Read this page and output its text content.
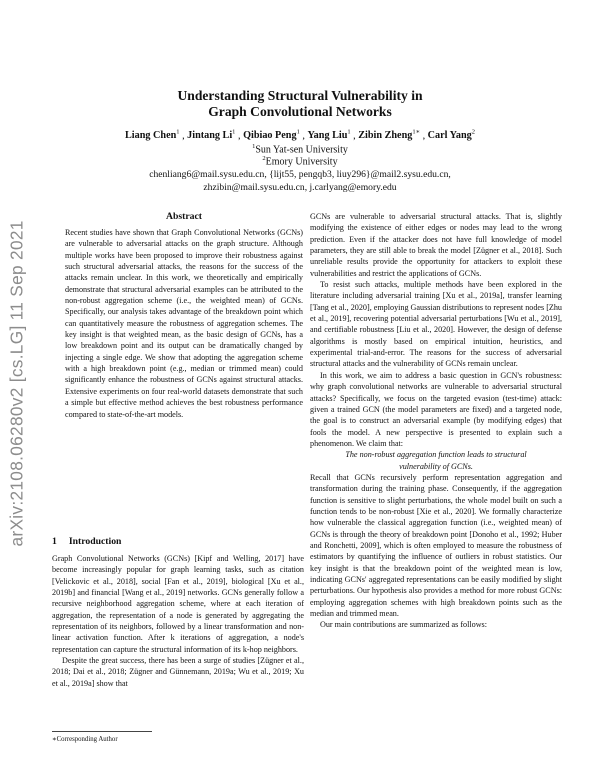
Understanding Structural Vulnerability in
Graph Convolutional Networks
Liang Chen$^1$ , Jintang Li$^1$ , Qibiao Peng$^1$ , Yang Liu$^1$ , Zibin Zheng$^{1∗}$ , Carl Yang$^2$
$^1$Sun Yat-sen University
$^2$Emory University
chenliang6@mail.sysu.edu.cn, {lijt55, pengqb3, liuy296}@mail2.sysu.edu.cn,
zhzibin@mail.sysu.edu.cn, j.carlyang@emory.edu
arXiv:2108.06280v2 [cs.LG] 11 Sep 2021
Abstract

Recent studies have shown that Graph Convolutional Networks (GCNs) are vulnerable to adversarial attacks on the graph structure. Although multiple works have been proposed to improve their robustness against such structural adversarial attacks, the reasons for the success of the attacks remain unclear. In this work, we theoretically and empirically demonstrate that structural adversarial examples can be attributed to the non-robust aggregation scheme (i.e., the weighted mean) of GCNs. Specifically, our analysis takes advantage of the breakdown point which can quantitatively measure the robustness of aggregation schemes. The key insight is that weighted mean, as the basic design of GCNs, has a low breakdown point and its output can be dramatically changed by injecting a single edge. We show that adopting the aggregation scheme with a high breakdown point (e.g., median or trimmed mean) could significantly enhance the robustness of GCNs against structural attacks. Extensive experiments on four real-world datasets demonstrate that such a simple but effective method achieves the best robustness performance compared to state-of-the-art models.

1 Introduction

Graph Convolutional Networks (GCNs) [Kipf and Welling, 2017] have become increasingly popular for graph learning tasks, such as citation [Velickovic et al., 2018], social [Fan et al., 2019], biological [Xu et al., 2019b] and financial [Wang et al., 2019] networks. GCNs generally follow a recursive neighborhood aggregation scheme, where at each iteration of aggregation, the representation of a node is generated by aggregating the representation of its neighbors, followed by a linear transformation and non-linear activation function. After k iterations of aggregation, a node's representation can capture the structural information of its k-hop neighbors.

Despite the great success, there has been a surge of studies [Zügner et al., 2018; Dai et al., 2018; Zügner and Günnemann, 2019a; Wu et al., 2019; Xu et al., 2019a] show that

∗Corresponding Author

GCNs are vulnerable to adversarial structural attacks. That is, slightly modifying the existence of either edges or nodes may lead to the wrong prediction. Even if the attacker does not have full knowledge of model parameters, they are still able to break the model [Zügner et al., 2018]. Such unreliable results provide the opportunity for attackers to exploit these vulnerabilities and restrict the applications of GCNs.

To resist such attacks, multiple methods have been explored in the literature including adversarial training [Xu et al., 2019a], transfer learning [Tang et al., 2020], employing Gaussian distributions to represent nodes [Zhu et al., 2019], recovering potential adversarial perturbations [Wu et al., 2019], and certifiable robustness [Liu et al., 2020]. However, the design of defense algorithms is mostly based on empirical intuition, heuristics, and experimental trial-and-error. The reasons for the success of adversarial structural attacks and the vulnerability of GCNs remain unclear.

In this work, we aim to address a basic question in GCN's robustness: why graph convolutional networks are vulnerable to adversarial structural attacks? Specifically, we focus on the targeted evasion (test-time) attack: given a trained GCN (the model parameters are fixed) and a targeted node, the goal is to construct an adversarial example (by modifying edges) that fools the model. A new perspective is presented to explain such a phenomenon. We claim that:

The non-robust aggregation function leads to structural vulnerability of GCNs.

Recall that GCNs recursively perform representation aggregation and transformation during the training phase. Consequently, if the aggregation function is sensitive to slight perturbations, the whole model built on such a function tends to be non-robust [Xie et al., 2020]. We formally characterize how vulnerable the classical aggregation function (i.e., weighted mean) of GCNs is through the theory of breakdown point [Donoho et al., 1992; Huber and Ronchetti, 2009], which is often employed to measure the robustness of estimators by quantifying the influence of outliers in robust statistics. Our key insight is that the breakdown point of the weighted mean is low, indicating GCNs' aggregated representations can be easily modified by slight perturbations. Our hypothesis also provides a method for more robust GCNs: employing aggregation schemes with high breakdown points such as the median and trimmed mean.

Our main contributions are summarized as follows:
